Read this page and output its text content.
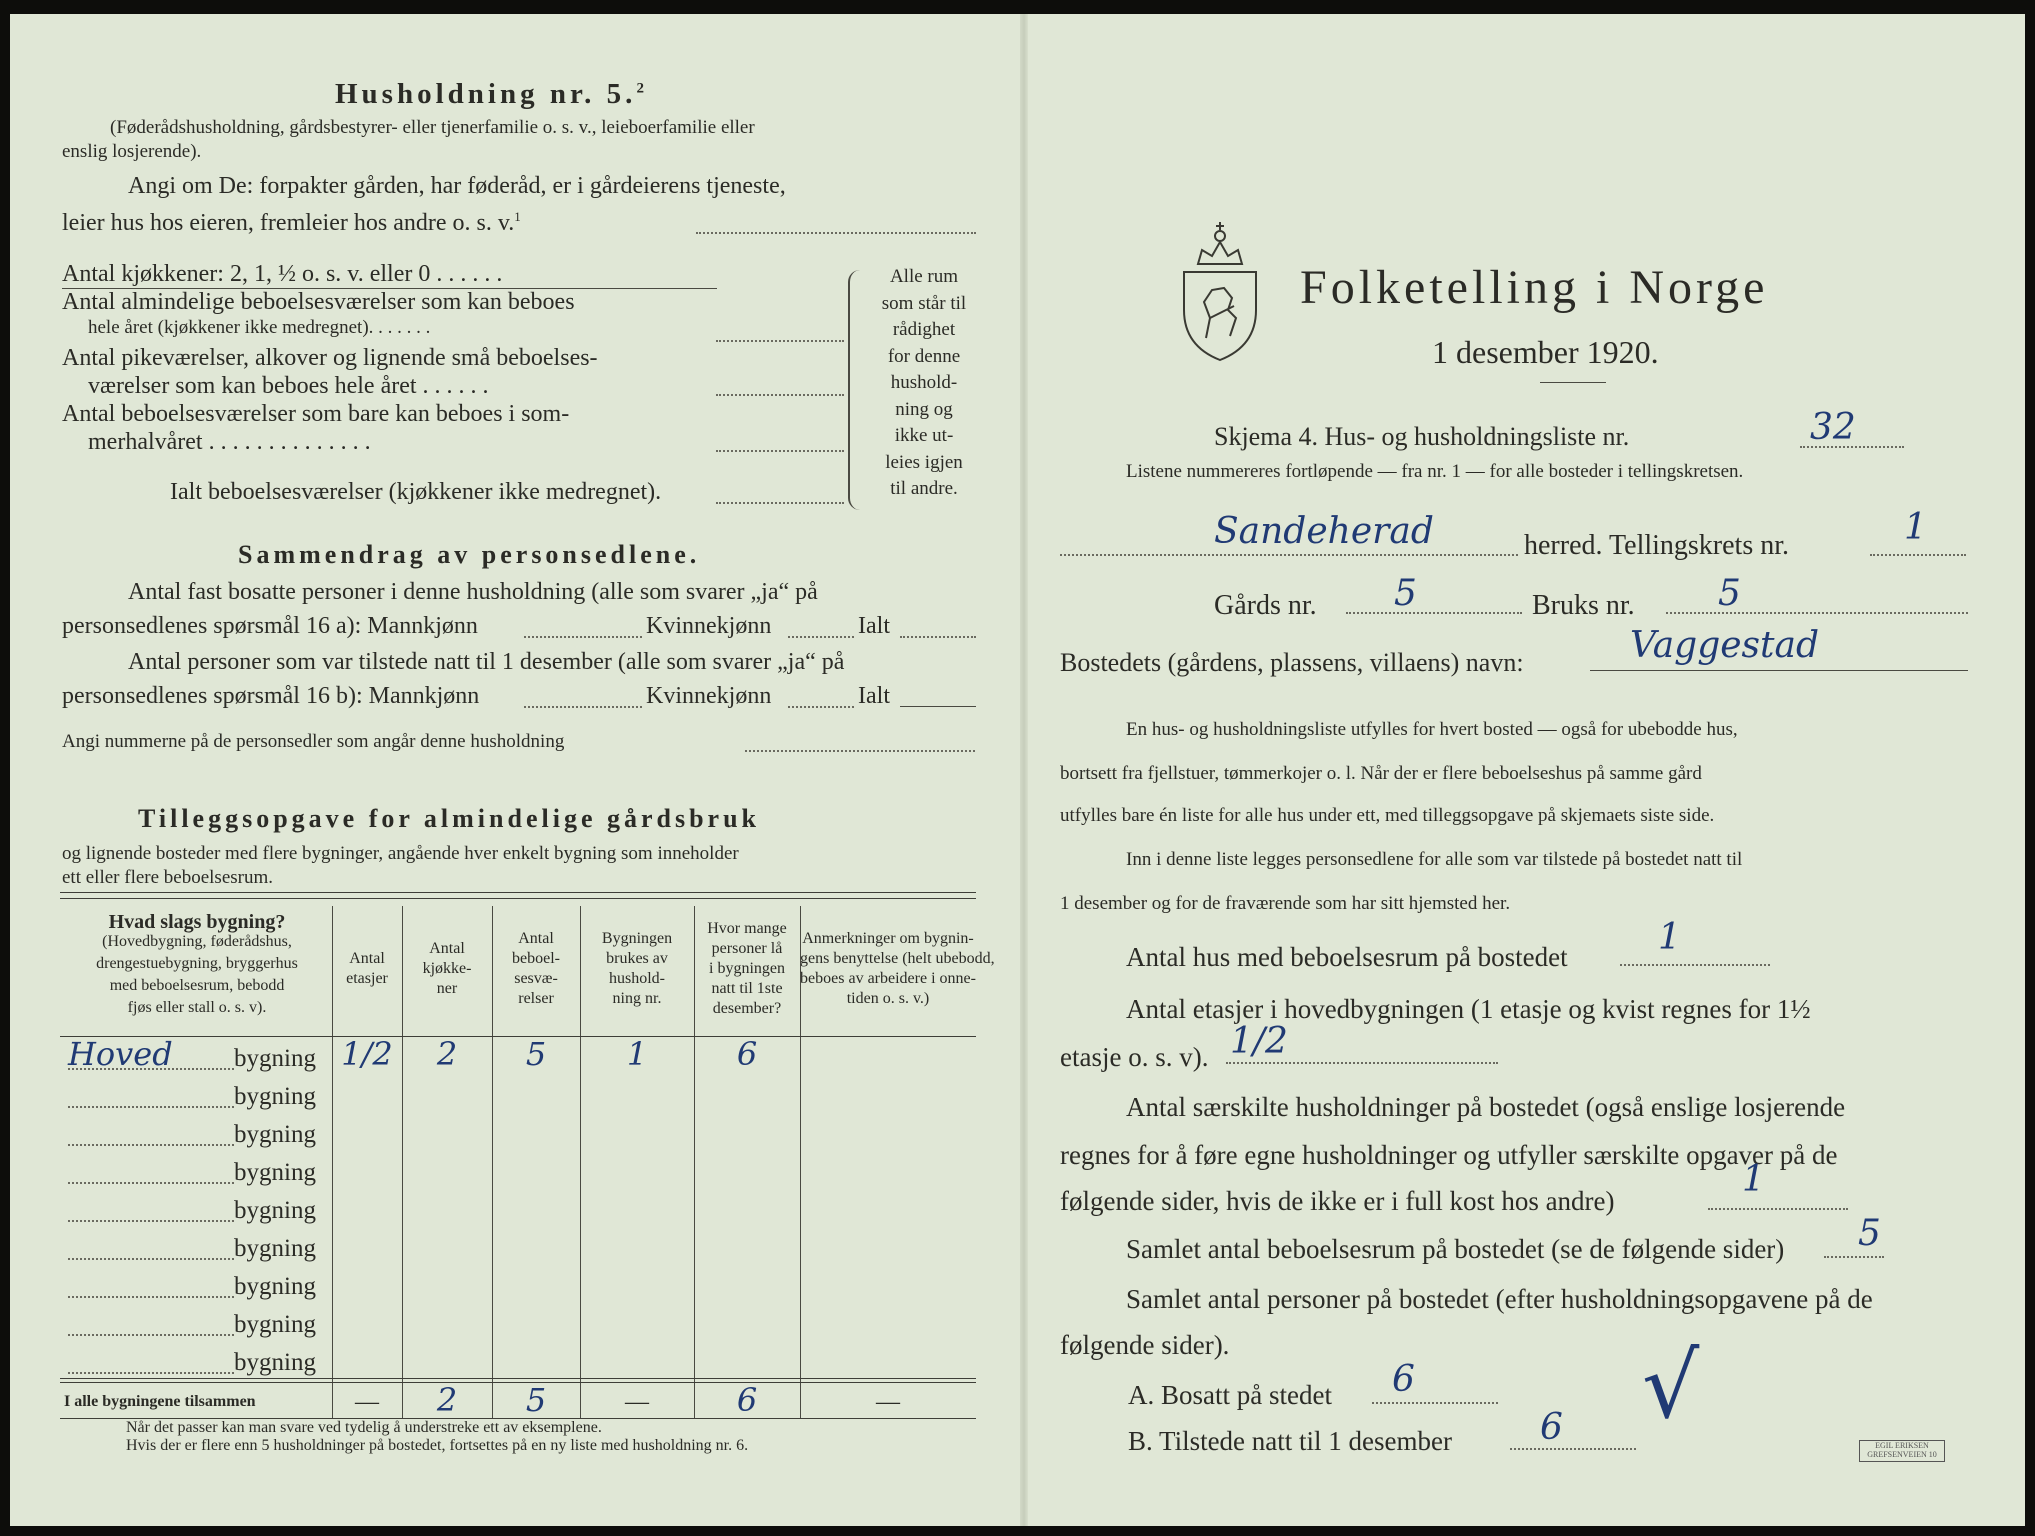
Husholdning nr. 5.$^2$
(Føderådshusholdning, gårdsbestyrer- eller tjenerfamilie o. s. v., leieboerfamilie eller
enslig losjerende).
Angi om De: forpakter gården, har føderåd, er i gårdeierens tjeneste,
leier hus hos eieren, fremleier hos andre o. s. v.$^1$
Antal kjøkkener: 2, 1, ½ o. s. v. eller 0 . . . . . .
Antal almindelige beboelsesværelser som kan beboes
hele året (kjøkkener ikke medregnet). . . . . . .
Antal pikeværelser, alkover og lignende små beboelses-
værelser som kan beboes hele året . . . . . .
Antal beboelsesværelser som bare kan beboes i som-
merhalvåret . . . . . . . . . . . . . .
Ialt beboelsesværelser (kjøkkener ikke medregnet).
Alle rum
som står til
rådighet
for denne
hushold-
ning og
ikke ut-
leies igjen
til andre.
Sammendrag av personsedlene.
Antal fast bosatte personer i denne husholdning (alle som svarer „ja“ på
personsedlenes spørsmål 16 a): Mannkjønn	Kvinnekjønn	Ialt
Antal personer som var tilstede natt til 1 desember (alle som svarer „ja“ på
personsedlenes spørsmål 16 b): Mannkjønn	Kvinnekjønn	Ialt
Angi nummerne på de personsedler som angår denne husholdning
Tilleggsopgave for almindelige gårdsbruk
og lignende bosteder med flere bygninger, angående hver enkelt bygning som inneholder
ett eller flere beboelsesrum.
Hvad slags bygning?
(Hovedbygning, føderådshus,
drengestuebygning, bryggerhus
med beboelsesrum, bebodd
fjøs eller stall o. s. v).
Antal
etasjer
Antal
kjøkke-
ner
Antal
beboel-
sesvæ-
relser
Bygningen
brukes av
hushold-
ning nr.
Hvor mange
personer lå
i bygningen
natt til 1ste
desember?
Anmerkninger om bygnin-
gens benyttelse (helt ubebodd,
beboes av arbeidere i onne-
tiden o. s. v.)
Hoved bygning 1/2	2	5	1	6
bygning
bygning
bygning
bygning
bygning
bygning
bygning
bygning
I alle bygningene tilsammen	—	2	5	—	6	—
Når det passer kan man svare ved tydelig å understreke ett av eksemplene.
Hvis der er flere enn 5 husholdninger på bostedet, fortsettes på en ny liste med husholdning nr. 6.
Folketelling i Norge
1 desember 1920.
Skjema 4. Hus- og husholdningsliste nr.	32
Listene nummereres fortløpende — fra nr. 1 — for alle bosteder i tellingskretsen.
Sandeherad	herred. Tellingskrets nr.	1
Gårds nr. 5	Bruks nr. 5
Bostedets (gårdens, plassens, villaens) navn:	Vaggestad
En hus- og husholdningsliste utfylles for hvert bosted — også for ubebodde hus,
bortsett fra fjellstuer, tømmerkojer o. l. Når der er flere beboelseshus på samme gård
utfylles bare én liste for alle hus under ett, med tilleggsopgave på skjemaets siste side.
Inn i denne liste legges personsedlene for alle som var tilstede på bostedet natt til
1 desember og for de fraværende som har sitt hjemsted her.
Antal hus med beboelsesrum på bostedet	1
Antal etasjer i hovedbygningen (1 etasje og kvist regnes for 1½
etasje o. s. v). 1/2
Antal særskilte husholdninger på bostedet (også enslige losjerende
regnes for å føre egne husholdninger og utfyller særskilte opgaver på de
følgende sider, hvis de ikke er i full kost hos andre)
1
Samlet antal beboelsesrum på bostedet (se de følgende sider) 5
Samlet antal personer på bostedet (efter husholdningsopgavene på de
følgende sider).
A. Bosatt på stedet 6
B. Tilstede natt til 1 desember 6 √
EGIL ERIKSEN
GREFSENVEIEN 10
